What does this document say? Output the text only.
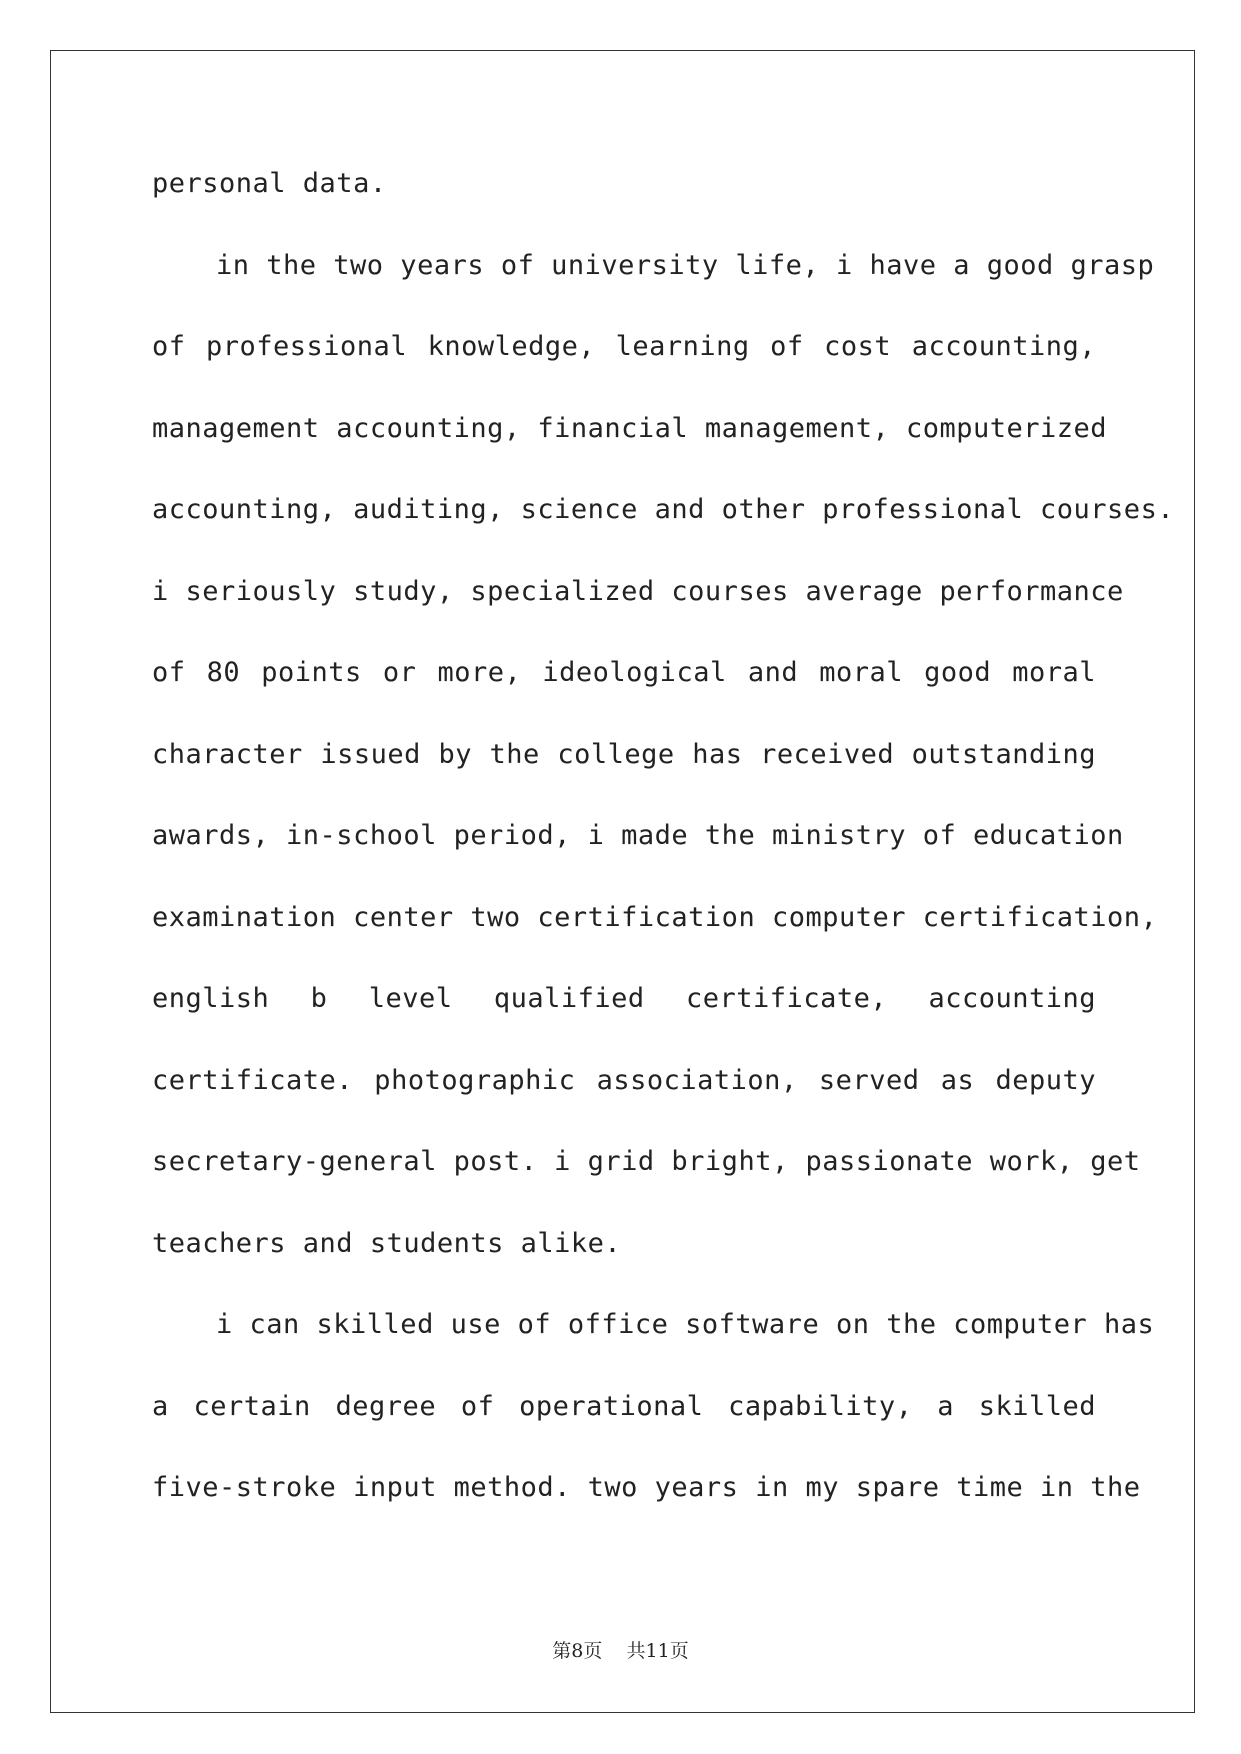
personal data.
in the two years of university life, i have a good grasp
of professional knowledge, learning of cost accounting,
management accounting, financial management, computerized
accounting, auditing, science and other professional courses.
i seriously study, specialized courses average performance
of 80 points or more, ideological and moral good moral
character issued by the college has received outstanding
awards, in-school period, i made the ministry of education
examination center two certification computer certification,
english b level qualified certificate, accounting
certificate. photographic association, served as deputy
secretary-general post. i grid bright, passionate work, get
teachers and students alike.
i can skilled use of office software on the computer has
a certain degree of operational capability, a skilled
five-stroke input method. two years in my spare time in the
第8页 共11页
